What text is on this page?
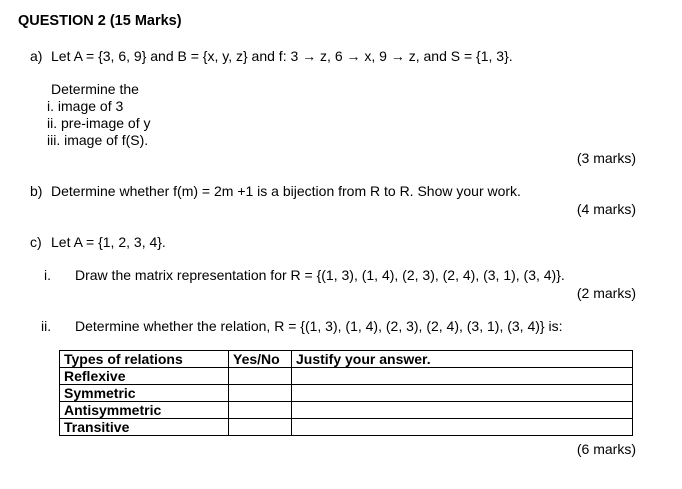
QUESTION 2 (15 Marks)
a) Let A = {3, 6, 9} and B = {x, y, z} and f: 3 → z, 6 → x, 9 → z, and S = {1, 3}.
Determine the
i. image of 3
ii. pre-image of y
iii. image of f(S).
(3 marks)
b) Determine whether f(m) = 2m +1 is a bijection from R to R. Show your work.
(4 marks)
c) Let A = {1, 2, 3, 4}.
i. Draw the matrix representation for R = {(1, 3), (1, 4), (2, 3), (2, 4), (3, 1), (3, 4)}.
(2 marks)
ii. Determine whether the relation, R = {(1, 3), (1, 4), (2, 3), (2, 4), (3, 1), (3, 4)} is:
Types of relations	Yes/No	Justify your answer.
Reflexive		
Symmetric		
Antisymmetric		
Transitive		
(6 marks)
